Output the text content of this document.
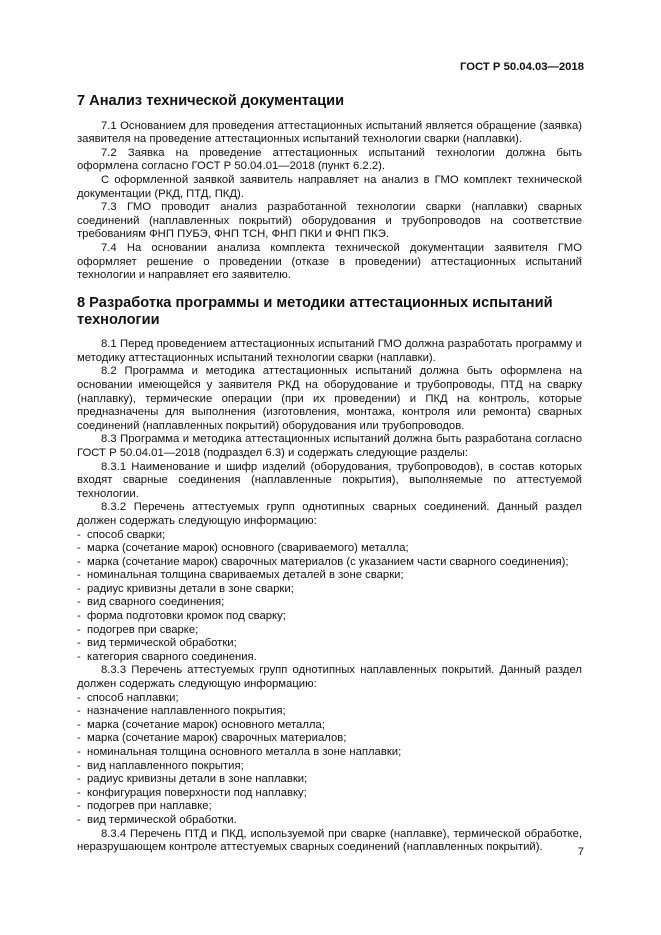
ГОСТ Р 50.04.03—2018

7 Анализ технической документации

7.1 Основанием для проведения аттестационных испытаний является обращение (заявка) заявителя на проведение аттестационных испытаний технологии сварки (наплавки).

7.2 Заявка на проведение аттестационных испытаний технологии должна быть оформлена согласно ГОСТ Р 50.04.01—2018 (пункт 6.2.2).

С оформленной заявкой заявитель направляет на анализ в ГМО комплект технической документации (РКД, ПТД, ПКД).

7.3 ГМО проводит анализ разработанной технологии сварки (наплавки) сварных соединений (наплавленных покрытий) оборудования и трубопроводов на соответствие требованиям ФНП ПУБЭ, ФНП ТСН, ФНП ПКИ и ФНП ПКЭ.

7.4 На основании анализа комплекта технической документации заявителя ГМО оформляет решение о проведении (отказе в проведении) аттестационных испытаний технологии и направляет его заявителю.

8 Разработка программы и методики аттестационных испытаний технологии

8.1 Перед проведением аттестационных испытаний ГМО должна разработать программу и методику аттестационных испытаний технологии сварки (наплавки).

8.2 Программа и методика аттестационных испытаний должна быть оформлена на основании имеющейся у заявителя РКД на оборудование и трубопроводы, ПТД на сварку (наплавку), термические операции (при их проведении) и ПКД на контроль, которые предназначены для выполнения (изготовления, монтажа, контроля или ремонта) сварных соединений (наплавленных покрытий) оборудования или трубопроводов.

8.3 Программа и методика аттестационных испытаний должна быть разработана согласно ГОСТ Р 50.04.01—2018 (подраздел 6.3) и содержать следующие разделы:

8.3.1 Наименование и шифр изделий (оборудования, трубопроводов), в состав которых входят сварные соединения (наплавленные покрытия), выполняемые по аттестуемой технологии.

8.3.2 Перечень аттестуемых групп однотипных сварных соединений. Данный раздел должен содержать следующую информацию:

- способ сварки;
- марка (сочетание марок) основного (свариваемого) металла;
- марка (сочетание марок) сварочных материалов (с указанием части сварного соединения);
- номинальная толщина свариваемых деталей в зоне сварки;
- радиус кривизны детали в зоне сварки;
- вид сварного соединения;
- форма подготовки кромок под сварку;
- подогрев при сварке;
- вид термической обработки;
- категория сварного соединения.

8.3.3 Перечень аттестуемых групп однотипных наплавленных покрытий. Данный раздел должен содержать следующую информацию:

- способ наплавки;
- назначение наплавленного покрытия;
- марка (сочетание марок) основного металла;
- марка (сочетание марок) сварочных материалов;
- номинальная толщина основного металла в зоне наплавки;
- вид наплавленного покрытия;
- радиус кривизны детали в зоне наплавки;
- конфигурация поверхности под наплавку;
- подогрев при наплавке;
- вид термической обработки.

8.3.4 Перечень ПТД и ПКД, используемой при сварке (наплавке), термической обработке, неразрушающем контроле аттестуемых сварных соединений (наплавленных покрытий).	7
